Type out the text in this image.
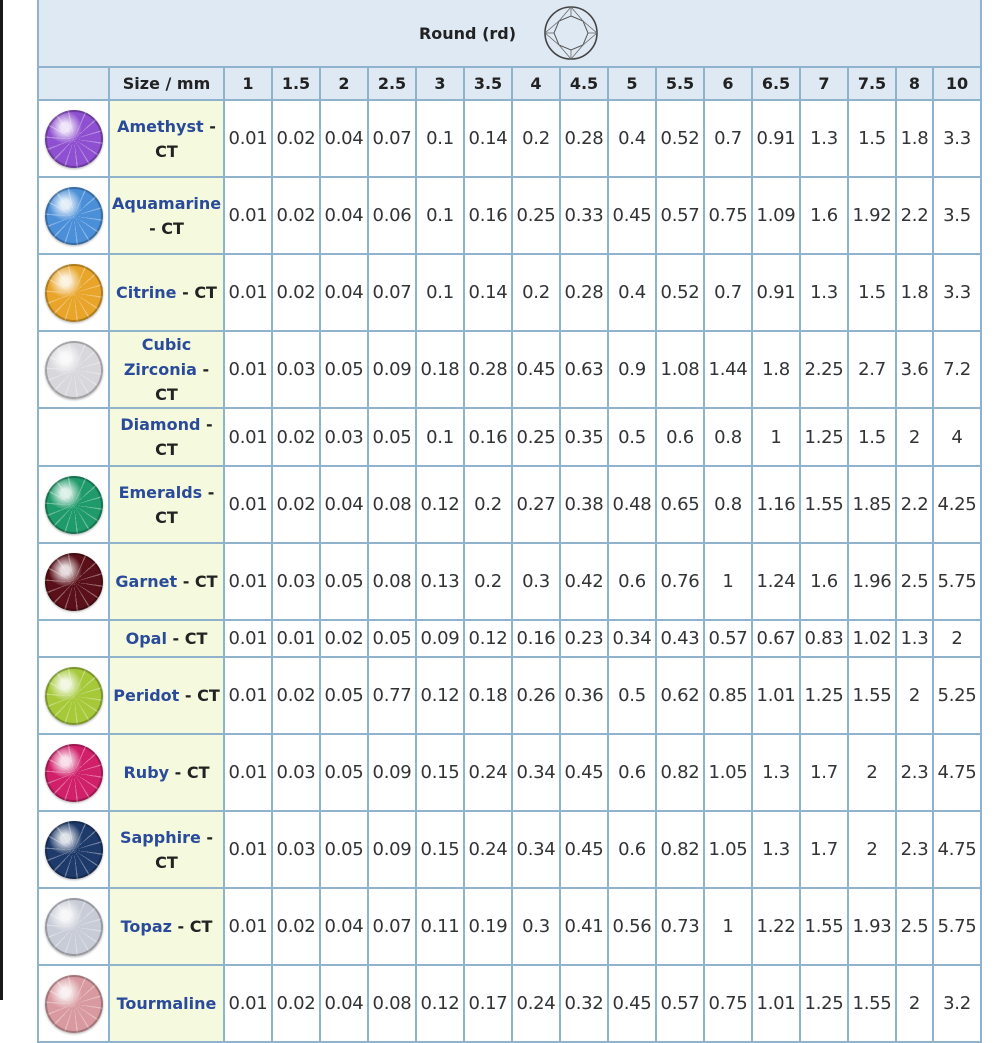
Round (rd)																	

	Size / mm	1	1.5	2	2.5	3	3.5	4	4.5	5	5.5	6	6.5	7	7.5	8	10

	Amethyst - CT	0.01	0.02	0.04	0.07	0.1	0.14	0.2	0.28	0.4	0.52	0.7	0.91	1.3	1.5	1.8	3.3

	Aquamarine - CT	0.01	0.02	0.04	0.06	0.1	0.16	0.25	0.33	0.45	0.57	0.75	1.09	1.6	1.92	2.2	3.5

	Citrine - CT	0.01	0.02	0.04	0.07	0.1	0.14	0.2	0.28	0.4	0.52	0.7	0.91	1.3	1.5	1.8	3.3

	Cubic Zirconia - CT	0.01	0.03	0.05	0.09	0.18	0.28	0.45	0.63	0.9	1.08	1.44	1.8	2.25	2.7	3.6	7.2
	Diamond - CT	0.01	0.02	0.03	0.05	0.1	0.16	0.25	0.35	0.5	0.6	0.8	1	1.25	1.5	2	4

	Emeralds - CT	0.01	0.02	0.04	0.08	0.12	0.2	0.27	0.38	0.48	0.65	0.8	1.16	1.55	1.85	2.2	4.25

	Garnet - CT	0.01	0.03	0.05	0.08	0.13	0.2	0.3	0.42	0.6	0.76	1	1.24	1.6	1.96	2.5	5.75
	Opal - CT	0.01	0.01	0.02	0.05	0.09	0.12	0.16	0.23	0.34	0.43	0.57	0.67	0.83	1.02	1.3	2

	Peridot - CT	0.01	0.02	0.05	0.77	0.12	0.18	0.26	0.36	0.5	0.62	0.85	1.01	1.25	1.55	2	5.25

	Ruby - CT	0.01	0.03	0.05	0.09	0.15	0.24	0.34	0.45	0.6	0.82	1.05	1.3	1.7	2	2.3	4.75

	Sapphire - CT	0.01	0.03	0.05	0.09	0.15	0.24	0.34	0.45	0.6	0.82	1.05	1.3	1.7	2	2.3	4.75

	Topaz - CT	0.01	0.02	0.04	0.07	0.11	0.19	0.3	0.41	0.56	0.73	1	1.22	1.55	1.93	2.5	5.75

	Tourmaline	0.01	0.02	0.04	0.08	0.12	0.17	0.24	0.32	0.45	0.57	0.75	1.01	1.25	1.55	2	3.2
